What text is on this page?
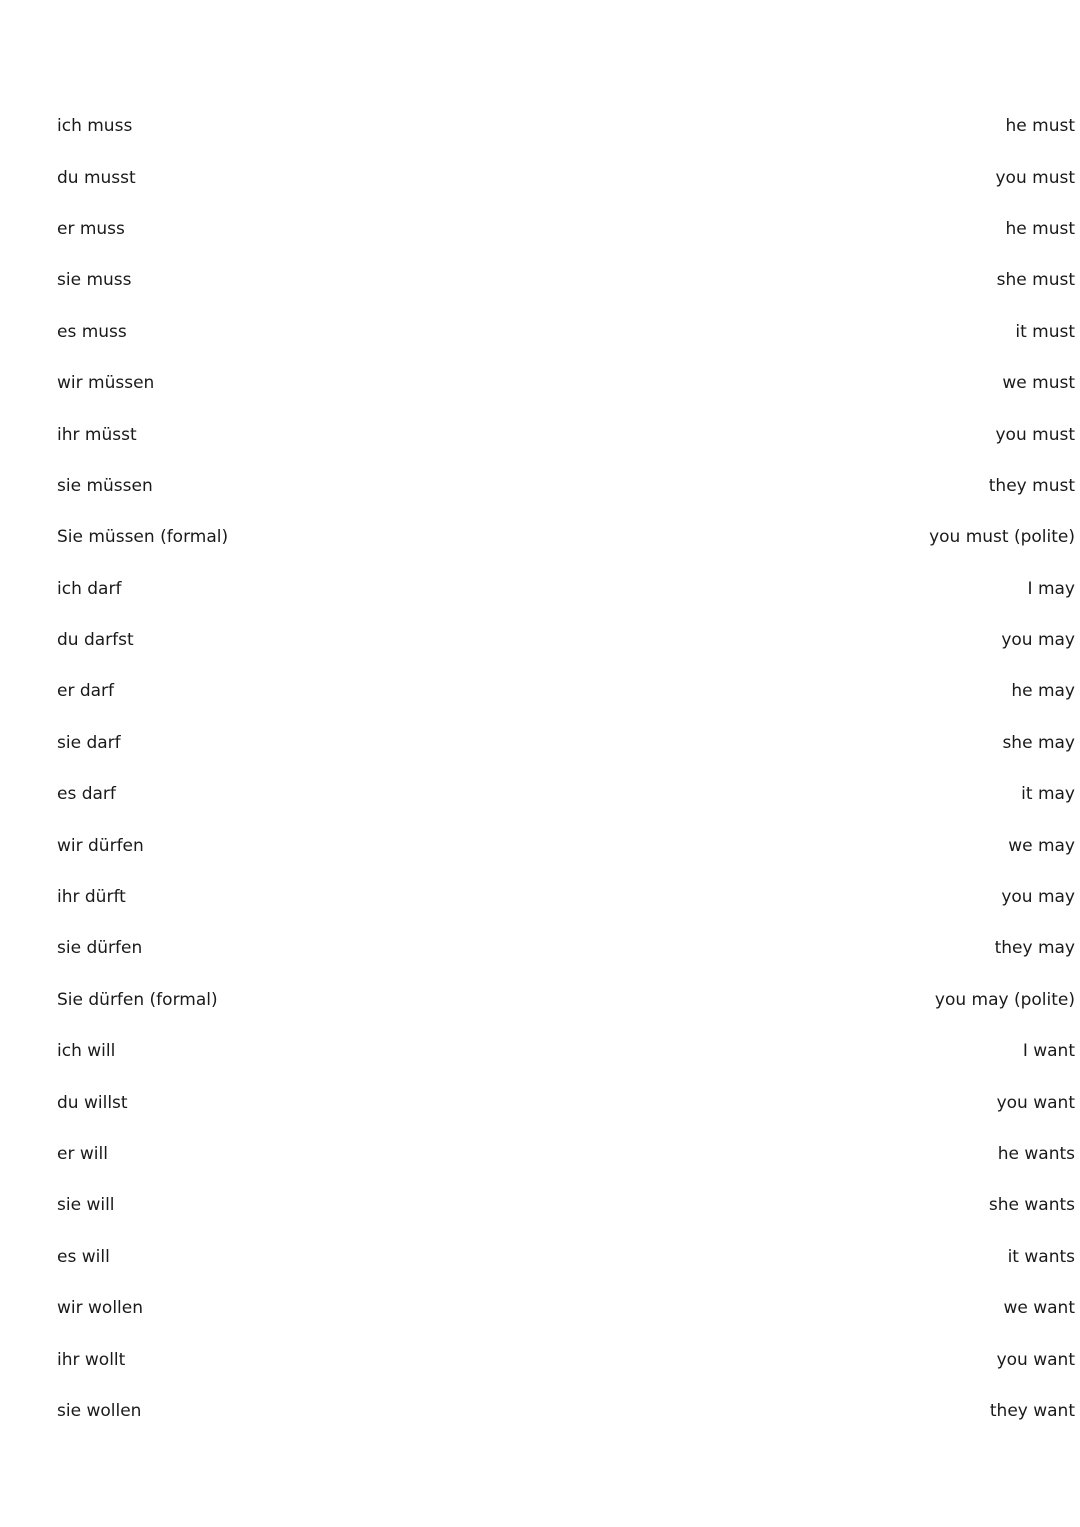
ich muss	he must
du musst	you must
er muss	he must
sie muss	she must
es muss	it must
wir müssen	we must
ihr müsst	you must
sie müssen	they must
Sie müssen (formal)	you must (polite)
ich darf	I may
du darfst	you may
er darf	he may
sie darf	she may
es darf	it may
wir dürfen	we may
ihr dürft	you may
sie dürfen	they may
Sie dürfen (formal)	you may (polite)
ich will	I want
du willst	you want
er will	he wants
sie will	she wants
es will	it wants
wir wollen	we want
ihr wollt	you want
sie wollen	they want
